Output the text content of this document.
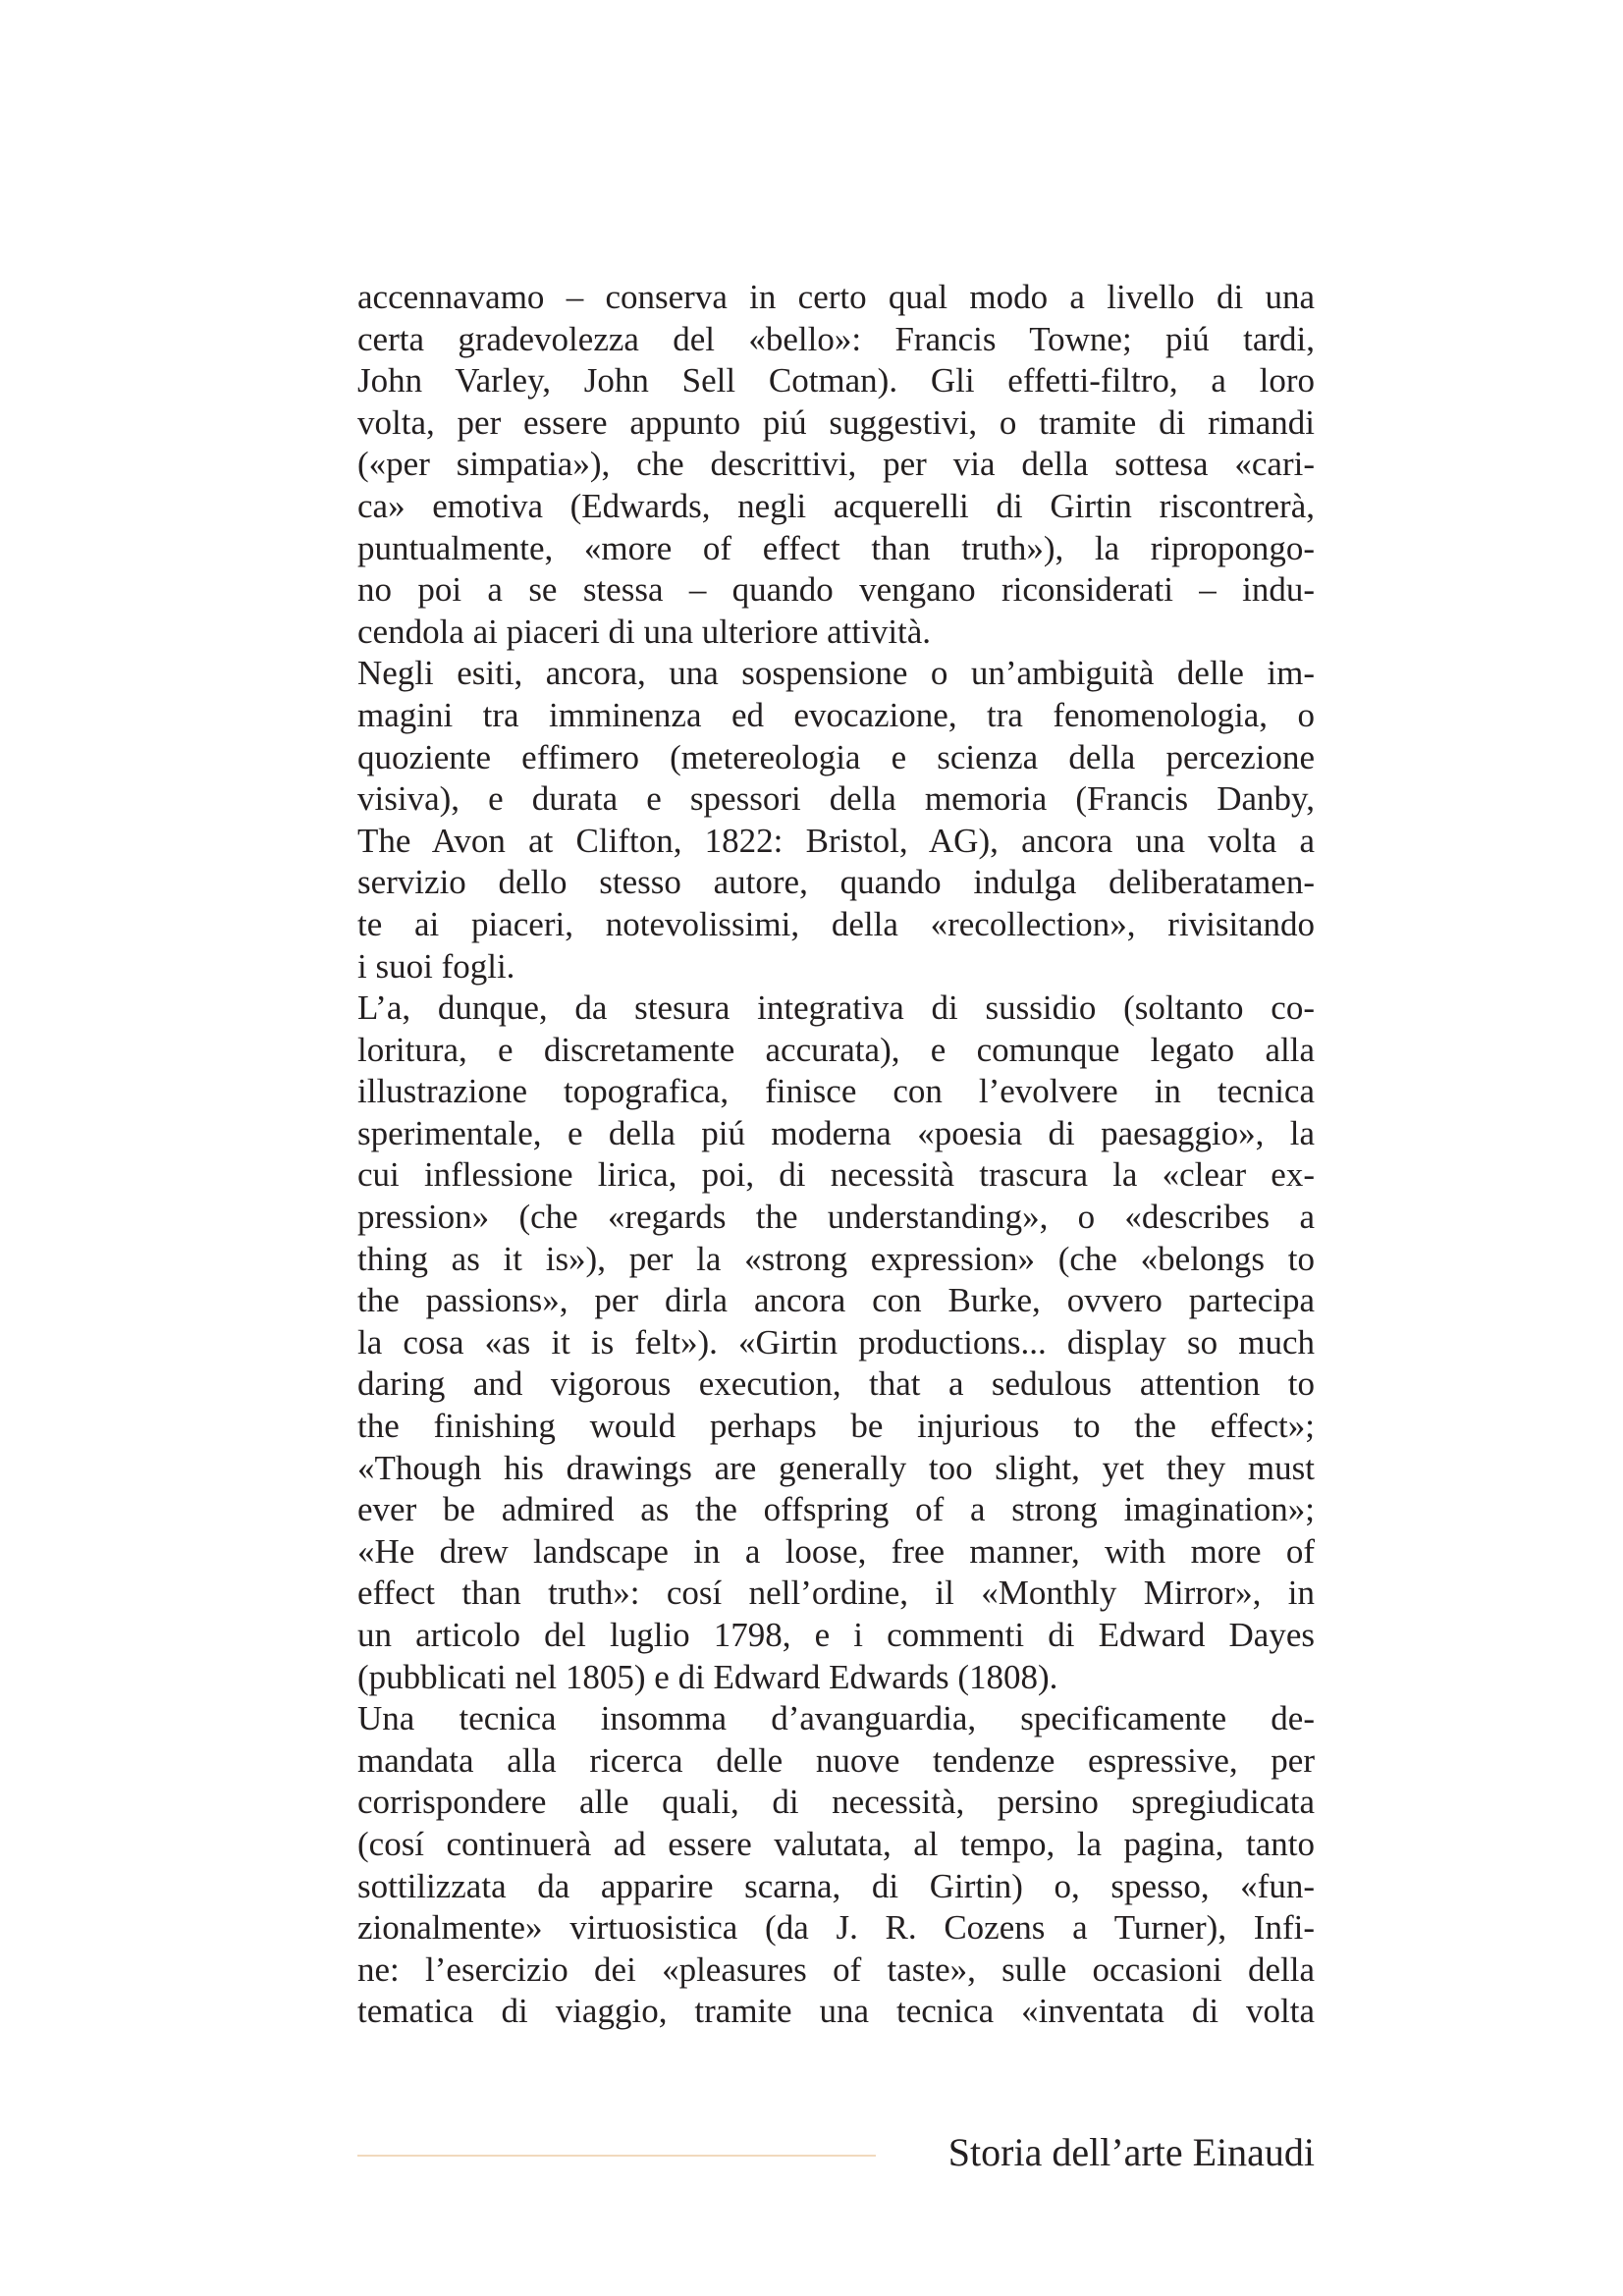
accennavamo – conserva in certo qual modo a livello di una
certa gradevolezza del «bello»: Francis Towne; piú tardi,
John Varley, John Sell Cotman). Gli effetti-filtro, a loro
volta, per essere appunto piú suggestivi, o tramite di rimandi
(«per simpatia»), che descrittivi, per via della sottesa «cari-
ca» emotiva (Edwards, negli acquerelli di Girtin riscontrerà,
puntualmente, «more of effect than truth»), la ripropongo-
no poi a se stessa – quando vengano riconsiderati – indu-
cendola ai piaceri di una ulteriore attività.
Negli esiti, ancora, una sospensione o un’ambiguità delle im-
magini tra imminenza ed evocazione, tra fenomenologia, o
quoziente effimero (metereologia e scienza della percezione
visiva), e durata e spessori della memoria (Francis Danby,
The Avon at Clifton, 1822: Bristol, AG), ancora una volta a
servizio dello stesso autore, quando indulga deliberatamen-
te ai piaceri, notevolissimi, della «recollection», rivisitando
i suoi fogli.
L’a, dunque, da stesura integrativa di sussidio (soltanto co-
loritura, e discretamente accurata), e comunque legato alla
illustrazione topografica, finisce con l’evolvere in tecnica
sperimentale, e della piú moderna «poesia di paesaggio», la
cui inflessione lirica, poi, di necessità trascura la «clear ex-
pression» (che «regards the understanding», o «describes a
thing as it is»), per la «strong expression» (che «belongs to
the passions», per dirla ancora con Burke, ovvero partecipa
la cosa «as it is felt»). «Girtin productions... display so much
daring and vigorous execution, that a sedulous attention to
the finishing would perhaps be injurious to the effect»;
«Though his drawings are generally too slight, yet they must
ever be admired as the offspring of a strong imagination»;
«He drew landscape in a loose, free manner, with more of
effect than truth»: cosí nell’ordine, il «Monthly Mirror», in
un articolo del luglio 1798, e i commenti di Edward Dayes
(pubblicati nel 1805) e di Edward Edwards (1808).
Una tecnica insomma d’avanguardia, specificamente de-
mandata alla ricerca delle nuove tendenze espressive, per
corrispondere alle quali, di necessità, persino spregiudicata
(cosí continuerà ad essere valutata, al tempo, la pagina, tanto
sottilizzata da apparire scarna, di Girtin) o, spesso, «fun-
zionalmente» virtuosistica (da J. R. Cozens a Turner), Infi-
ne: l’esercizio dei «pleasures of taste», sulle occasioni della
tematica di viaggio, tramite una tecnica «inventata di volta
Storia dell’arte Einaudi
